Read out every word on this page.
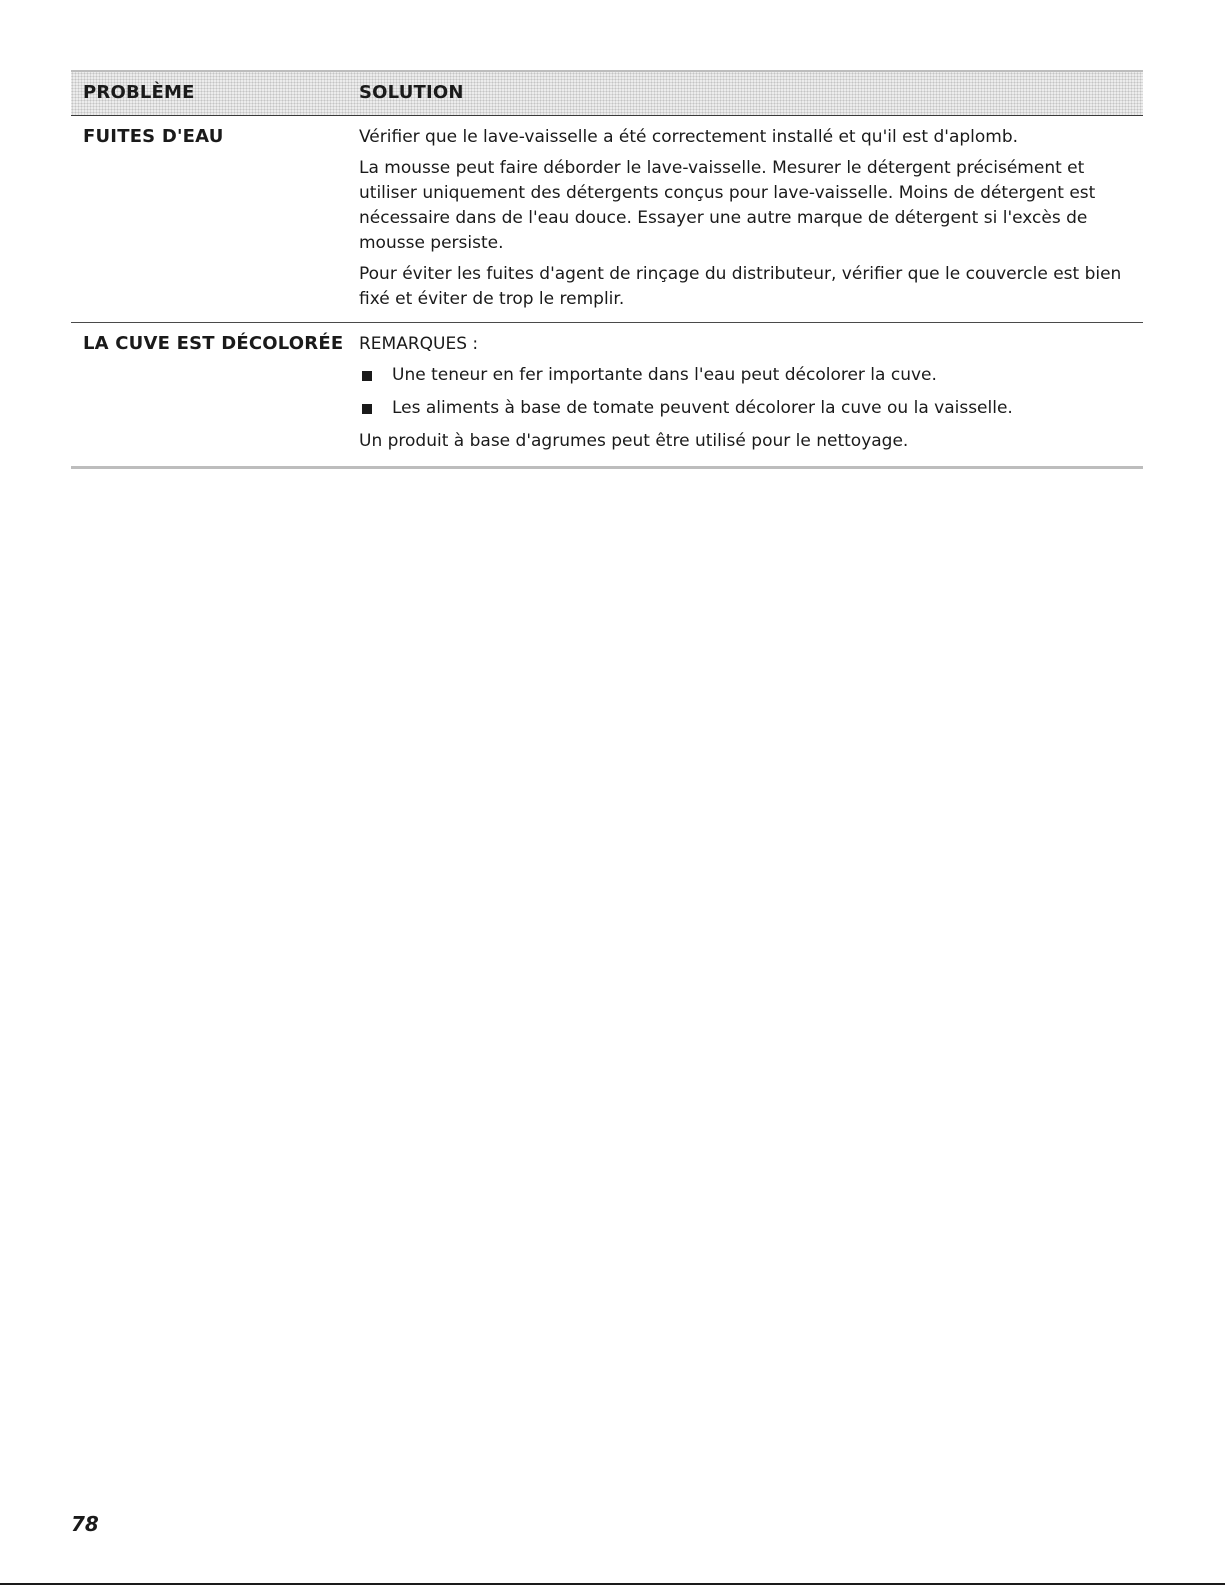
PROBLÈME	SOLUTION
FUITES D'EAU	Vérifier que le lave-vaisselle a été correctement installé et qu'il est d'aplomb.

La mousse peut faire déborder le lave-vaisselle. Mesurer le détergent précisément et utiliser uniquement des détergents conçus pour lave-vaisselle. Moins de détergent est nécessaire dans de l'eau douce. Essayer une autre marque de détergent si l'excès de mousse persiste.

Pour éviter les fuites d'agent de rinçage du distributeur, vérifier que le couvercle est bien fixé et éviter de trop le remplir.

LA CUVE EST DÉCOLORÉE REMARQUES :

Une teneur en fer importante dans l'eau peut décolorer la cuve.
Les aliments à base de tomate peuvent décolorer la cuve ou la vaisselle.

Un produit à base d'agrumes peut être utilisé pour le nettoyage.

78
